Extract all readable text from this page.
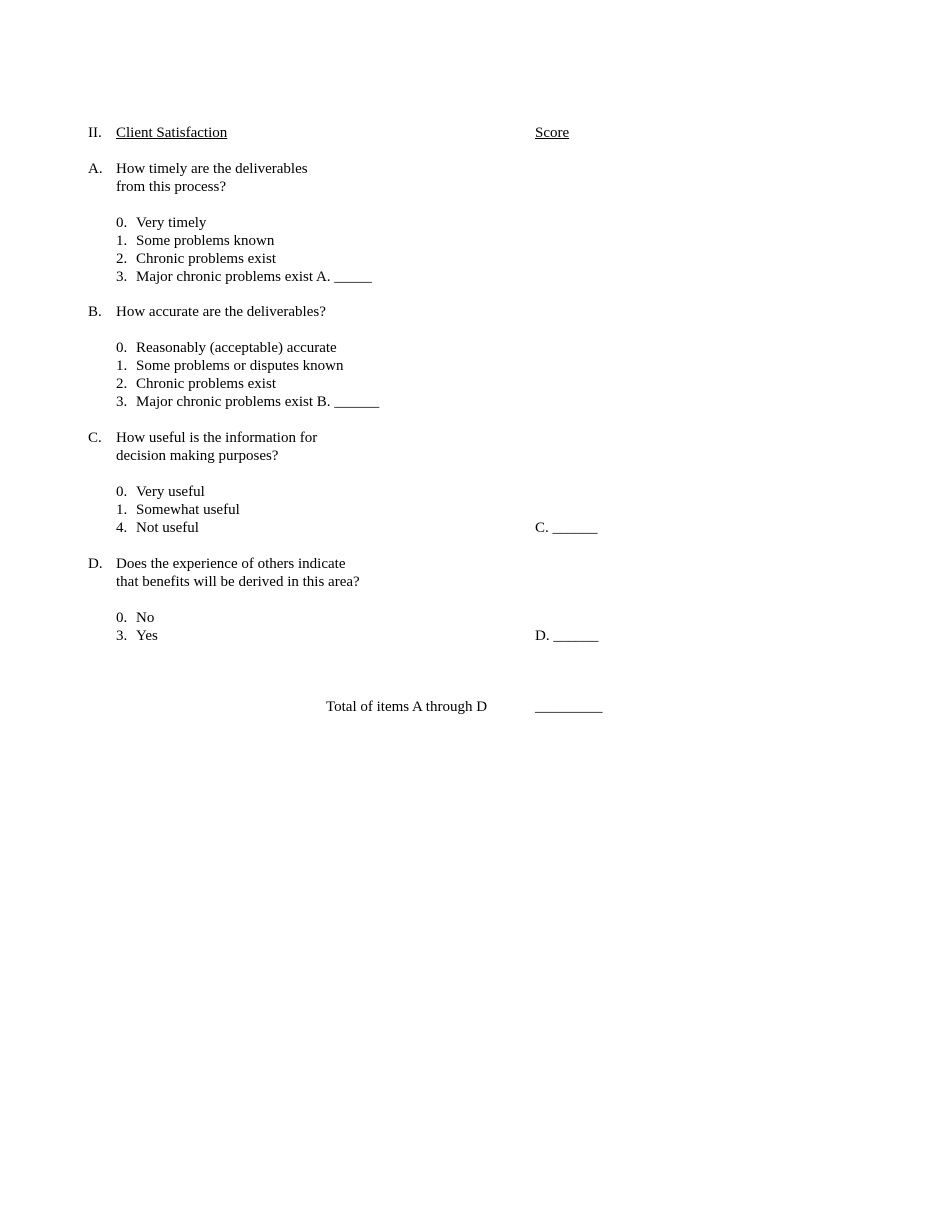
II. Client Satisfaction	Score
A. How timely are the deliverables
from this process?
0. Very timely
1. Some problems known
2. Chronic problems exist
3. Major chronic problems exist A. _____
B. How accurate are the deliverables?
0. Reasonably (acceptable) accurate
1. Some problems or disputes known
2. Chronic problems exist
3. Major chronic problems exist B. ______
C. How useful is the information for
decision making purposes?
0. Very useful
1. Somewhat useful
4. Not useful	C. ______
D. Does the experience of others indicate
that benefits will be derived in this area?
0. No
3. Yes	D. ______
Total of items A through D	_________
